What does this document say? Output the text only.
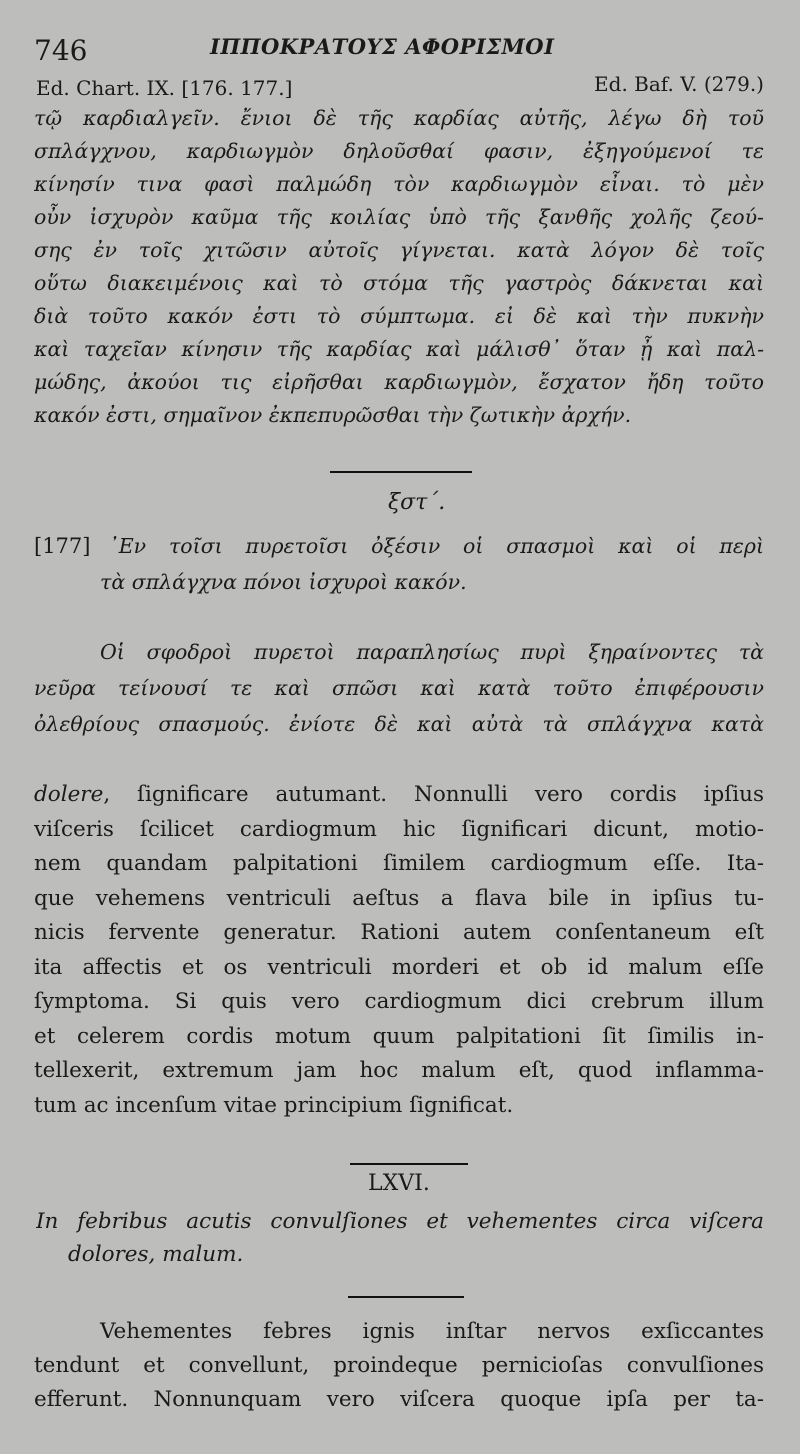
746	ΙΠΠΟΚΡΑΤΟΥΣ ΑΦΟΡΙΣΜΟΙ
Ed. Chart. IX. [176. 177.]	Ed. Baf. V. (279.)
τῷ καρδιαλγεῖν. ἔνιοι δὲ τῆς καρδίας αὐτῆς, λέγω δὴ τοῦ
σπλάγχνου, καρδιωγμὸν δηλοῦσθαί φασιν, ἐξηγούμενοί τε
κίνησίν τινα φασὶ παλμώδη τὸν καρδιωγμὸν εἶναι. τὸ μὲν
οὖν ἰσχυρὸν καῦμα τῆς κοιλίας ὑπὸ τῆς ξανθῆς χολῆς ζεού-
σης ἐν τοῖς χιτῶσιν αὐτοῖς γίγνεται. κατὰ λόγον δὲ τοῖς
οὕτω διακειμένοις καὶ τὸ στόμα τῆς γαστρὸς δάκνεται καὶ
διὰ τοῦτο κακόν ἐστι τὸ σύμπτωμα. εἰ δὲ καὶ τὴν πυκνὴν
καὶ ταχεῖαν κίνησιν τῆς καρδίας καὶ μάλισθ᾽ ὅταν ᾖ καὶ παλ-
μώδης, ἀκούοι τις εἰρῆσθαι καρδιωγμὸν, ἔσχατον ἤδη τοῦτο
κακόν ἐστι, σημαῖνον ἐκπεπυρῶσθαι τὴν ζωτικὴν ἀρχήν.
ξστ΄.
[177] ᾽Εν τοῖσι πυρετοῖσι ὀξέσιν οἱ σπασμοὶ καὶ οἱ περὶ
τὰ σπλάγχνα πόνοι ἰσχυροὶ κακόν.
Οἱ σφοδροὶ πυρετοὶ παραπλησίως πυρὶ ξηραίνοντες τὰ
νεῦρα τείνουσί τε καὶ σπῶσι καὶ κατὰ τοῦτο ἐπιφέρουσιν
ὀλεθρίους σπασμούς. ἐνίοτε δὲ καὶ αὐτὰ τὰ σπλάγχνα κατὰ
dolere, ſignificare autumant. Nonnulli vero cordis ipſius
viſceris ſcilicet cardiogmum hic ſignificari dicunt, motio-
nem quandam palpitationi ſimilem cardiogmum eſſe. Ita-
que vehemens ventriculi aeſtus a flava bile in ipſius tu-
nicis fervente generatur. Rationi autem conſentaneum eſt
ita affectis et os ventriculi morderi et ob id malum eſſe
ſymptoma. Si quis vero cardiogmum dici crebrum illum
et celerem cordis motum quum palpitationi ſit ſimilis in-
tellexerit, extremum jam hoc malum eſt, quod inflamma-
tum ac incenſum vitae principium ſignificat.
LXVI.
In febribus acutis convulſiones et vehementes circa viſcera
dolores, malum.
Vehementes febres ignis inſtar nervos exſiccantes
tendunt et convellunt, proindeque pernicioſas convulſiones
efferunt. Nonnunquam vero viſcera quoque ipſa per ta-
